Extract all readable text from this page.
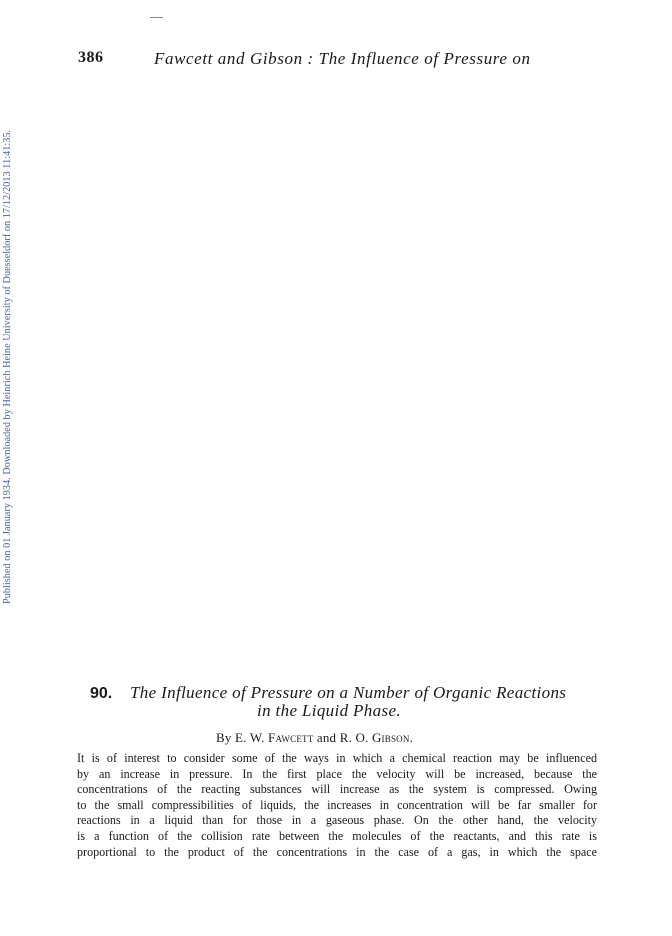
386	Fawcett and Gibson : The Influence of Pressure on
Published on 01 January 1934. Downloaded by Heinrich Heine University of Duesseldorf on 17/12/2013 11:41:35.
90. The Influence of Pressure on a Number of Organic Reactions
in the Liquid Phase.
By E. W. Fawcett and R. O. Gibson.
It is of interest to consider some of the ways in which a chemical reaction may be influenced
by an increase in pressure. In the first place the velocity will be increased, because the
concentrations of the reacting substances will increase as the system is compressed. Owing
to the small compressibilities of liquids, the increases in concentration will be far smaller for
reactions in a liquid than for those in a gaseous phase. On the other hand, the velocity
is a function of the collision rate between the molecules of the reactants, and this rate is
proportional to the product of the concentrations in the case of a gas, in which the space
